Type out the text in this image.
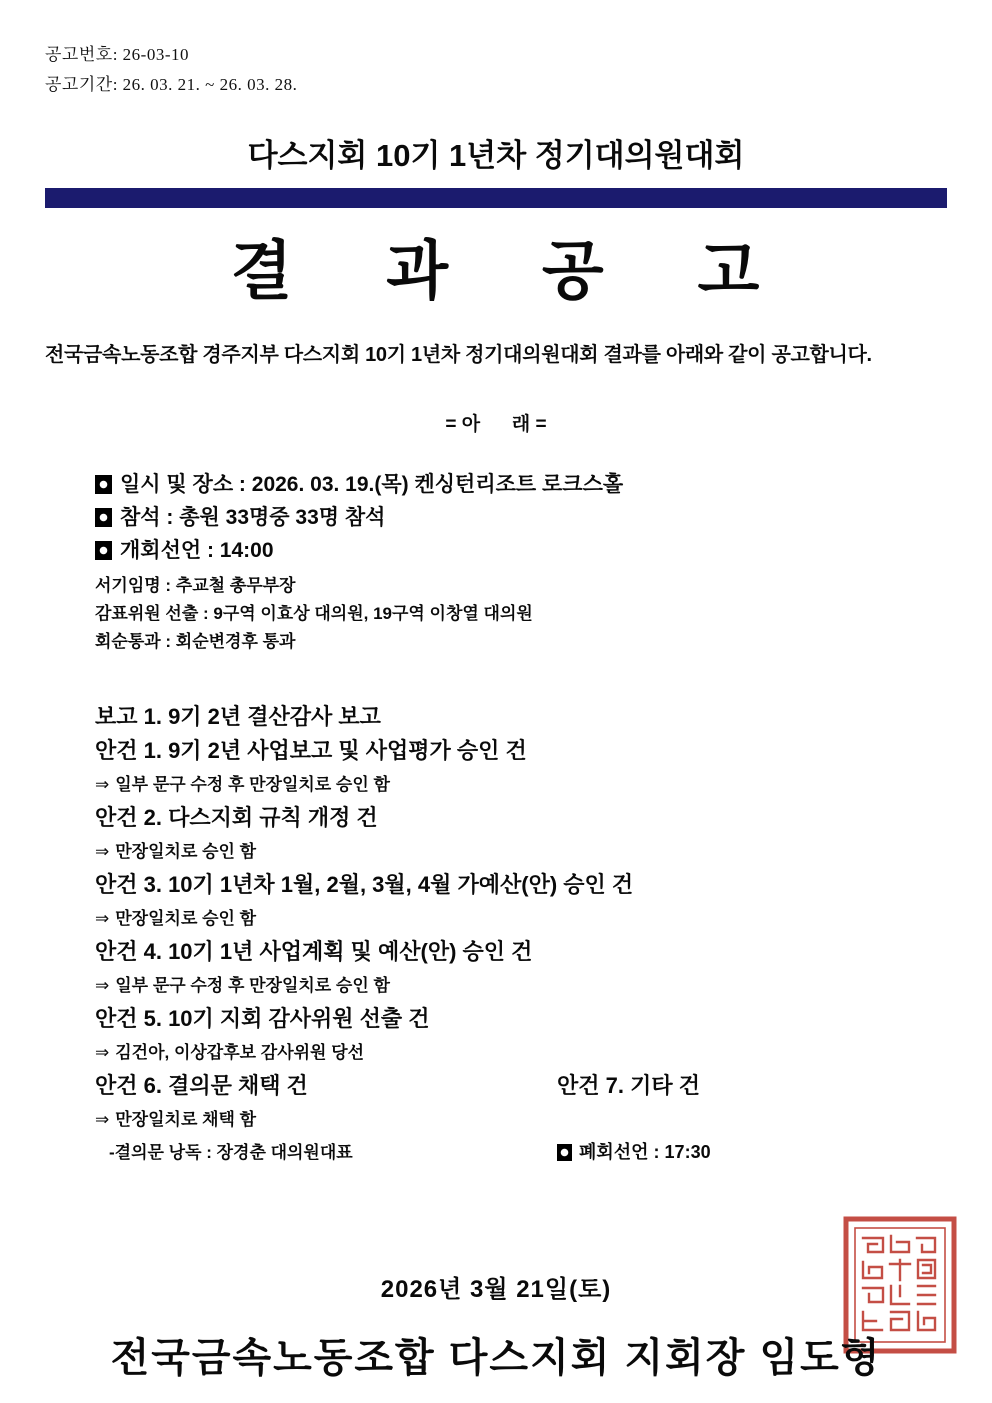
공고번호: 26-03-10
공고기간: 26. 03. 21. ~ 26. 03. 28.
다스지회 10기 1년차 정기대의원대회
결 과 공 고
전국금속노동조합 경주지부 다스지회 10기 1년차 정기대의원대회 결과를 아래와 같이 공고합니다.
= 아      래 =
일시 및 장소 : 2026. 03. 19.(목) 켄싱턴리조트 로크스홀
참석 : 총원 33명중 33명 참석
개회선언 : 14:00
서기임명 : 추교철 총무부장
감표위원 선출 : 9구역 이효상 대의원, 19구역 이창열 대의원
회순통과 : 회순변경후 통과
보고 1. 9기 2년 결산감사 보고
안건 1. 9기 2년 사업보고 및 사업평가 승인 건
⇒ 일부 문구 수정 후 만장일치로 승인 함
안건 2. 다스지회 규칙 개정 건
⇒ 만장일치로 승인 함
안건 3. 10기 1년차 1월, 2월, 3월, 4월 가예산(안) 승인 건
⇒ 만장일치로 승인 함
안건 4. 10기 1년 사업계획 및 예산(안) 승인 건
⇒ 일부 문구 수정 후 만장일치로 승인 함
안건 5. 10기 지회 감사위원 선출 건
⇒ 김건아, 이상갑후보 감사위원 당선
안건 6. 결의문 채택 건	안건 7. 기타 건
⇒ 만장일치로 채택 함
-결의문 낭독 : 장경춘 대의원대표	폐회선언 : 17:30
2026년 3월 21일(토)
전국금속노동조합 다스지회 지회장 임도형
